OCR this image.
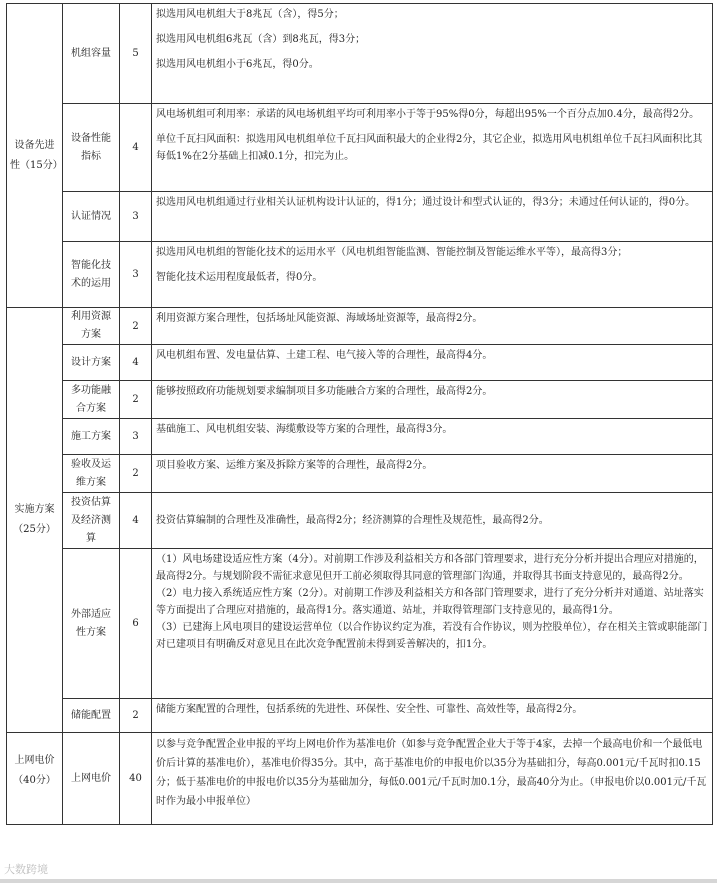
设备先进性（15分）	机组容量	5	拟选用风电机组大于8兆瓦（含），得5分；

拟选用风电机组6兆瓦（含）到8兆瓦，得3分；

拟选用风电机组小于6兆瓦，得0分。

	设备性能指标	4	风电场机组可利用率：承诺的风电场机组平均可利用率小于等于95%得0分，每超出95%一个百分点加0.4分，最高得2分。

单位千瓦扫风面积：拟选用风电机组单位千瓦扫风面积最大的企业得2分，其它企业，拟选用风电机组单位千瓦扫风面积比其每低1%在2分基础上扣减0.1分，扣完为止。

	认证情况	3	拟选用风电机组通过行业相关认证机构设计认证的，得1分；通过设计和型式认证的，得3分；未通过任何认证的，得0分。

	智能化技术的运用	3	拟选用风电机组的智能化技术的运用水平（风电机组智能监测、智能控制及智能运维水平等），最高得3分；

智能化技术运用程度最低者，得0分。

实施方案（25分）	利用资源方案	2	利用资源方案合理性，包括场址风能资源、海域场址资源等，最高得2分。

	设计方案	4	风电机组布置、发电量估算、土建工程、电气接入等的合理性，最高得4分。

	多功能融合方案	2	能够按照政府功能规划要求编制项目多功能融合方案的合理性，最高得2分。

	施工方案	3	基础施工、风电机组安装、海缆敷设等方案的合理性，最高得3分。

	验收及运维方案	2	项目验收方案、运维方案及拆除方案等的合理性，最高得2分。

	投资估算及经济测算	4	投资估算编制的合理性及准确性，最高得2分；经济测算的合理性及规范性，最高得2分。

	外部适应性方案	6	（1）风电场建设适应性方案（4分）。对前期工作涉及利益相关方和各部门管理要求，进行充分分析并提出合理应对措施的，最高得2分。与规划阶段不需征求意见但开工前必须取得其同意的管理部门沟通，并取得其书面支持意见的，最高得2分。

（2）电力接入系统适应性方案（2分）。对前期工作涉及利益相关方和各部门管理要求，进行了充分分析并对通道、站址落实等方面提出了合理应对措施的，最高得1分。落实通道、站址，并取得管理部门支持意见的，最高得1分。

（3）已建海上风电项目的建设运营单位（以合作协议约定为准，若没有合作协议，则为控股单位），存在相关主管或职能部门对已建项目有明确反对意见且在此次竞争配置前未得到妥善解决的，扣1分。

	储能配置	2	储能方案配置的合理性，包括系统的先进性、环保性、安全性、可靠性、高效性等，最高得2分。

上网电价（40分）	上网电价	40	以参与竞争配置企业申报的平均上网电价作为基准电价（如参与竞争配置企业大于等于4家，去掉一个最高电价和一个最低电价后计算的基准电价），基准电价得35分。其中，高于基准电价的申报电价以35分为基础扣分，每高0.001元/千瓦时扣0.15分；低于基准电价的申报电价以35分为基础加分，每低0.001元/千瓦时加0.1分，最高40分为止。（申报电价以0.001元/千瓦时作为最小申报单位）

大数跨境
